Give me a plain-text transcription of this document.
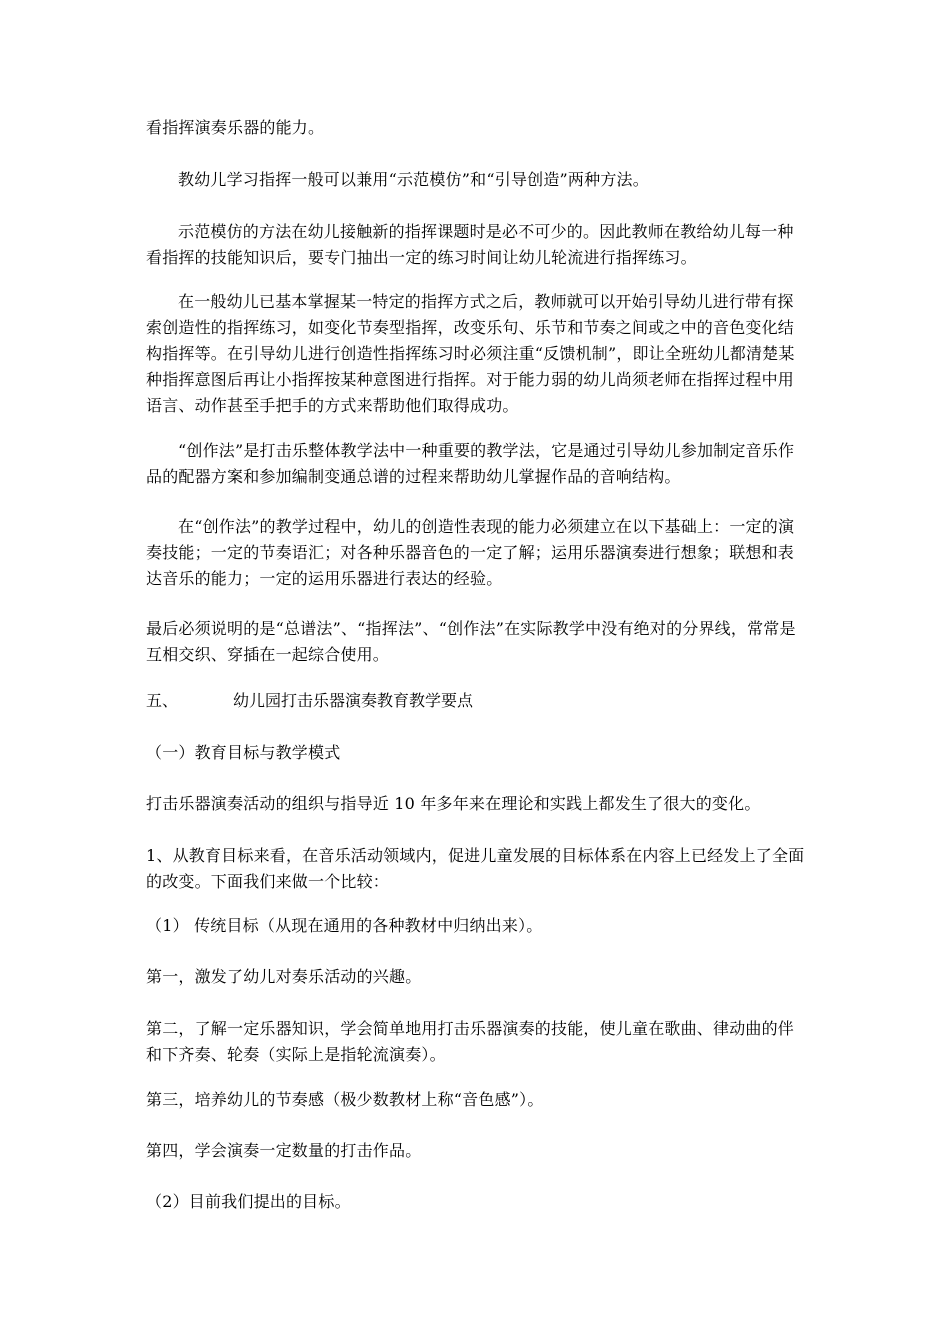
看指挥演奏乐器的能力。

教幼儿学习指挥一般可以兼用“示范模仿”和“引导创造”两种方法。

示范模仿的方法在幼儿接触新的指挥课题时是必不可少的。因此教师在教给幼儿每一种看指挥的技能知识后，要专门抽出一定的练习时间让幼儿轮流进行指挥练习。

在一般幼儿已基本掌握某一特定的指挥方式之后，教师就可以开始引导幼儿进行带有探索创造性的指挥练习，如变化节奏型指挥，改变乐句、乐节和节奏之间或之中的音色变化结构指挥等。在引导幼儿进行创造性指挥练习时必须注重“反馈机制”，即让全班幼儿都清楚某种指挥意图后再让小指挥按某种意图进行指挥。对于能力弱的幼儿尚须老师在指挥过程中用语言、动作甚至手把手的方式来帮助他们取得成功。

“创作法”是打击乐整体教学法中一种重要的教学法，它是通过引导幼儿参加制定音乐作品的配器方案和参加编制变通总谱的过程来帮助幼儿掌握作品的音响结构。

在“创作法”的教学过程中，幼儿的创造性表现的能力必须建立在以下基础上：一定的演奏技能；一定的节奏语汇；对各种乐器音色的一定了解；运用乐器演奏进行想象；联想和表达音乐的能力；一定的运用乐器进行表达的经验。

最后必须说明的是“总谱法”、“指挥法”、“创作法”在实际教学中没有绝对的分界线，常常是互相交织、穿插在一起综合使用。

五、	幼儿园打击乐器演奏教育教学要点

（一）教育目标与教学模式

打击乐器演奏活动的组织与指导近 10 年多年来在理论和实践上都发生了很大的变化。

1、从教育目标来看，在音乐活动领域内，促进儿童发展的目标体系在内容上已经发上了全面的改变。下面我们来做一个比较：

（1） 传统目标（从现在通用的各种教材中归纳出来）。

第一，激发了幼儿对奏乐活动的兴趣。

第二，了解一定乐器知识，学会简单地用打击乐器演奏的技能，使儿童在歌曲、律动曲的伴和下齐奏、轮奏（实际上是指轮流演奏）。

第三，培养幼儿的节奏感（极少数教材上称“音色感”）。

第四，学会演奏一定数量的打击作品。

（2）目前我们提出的目标。
